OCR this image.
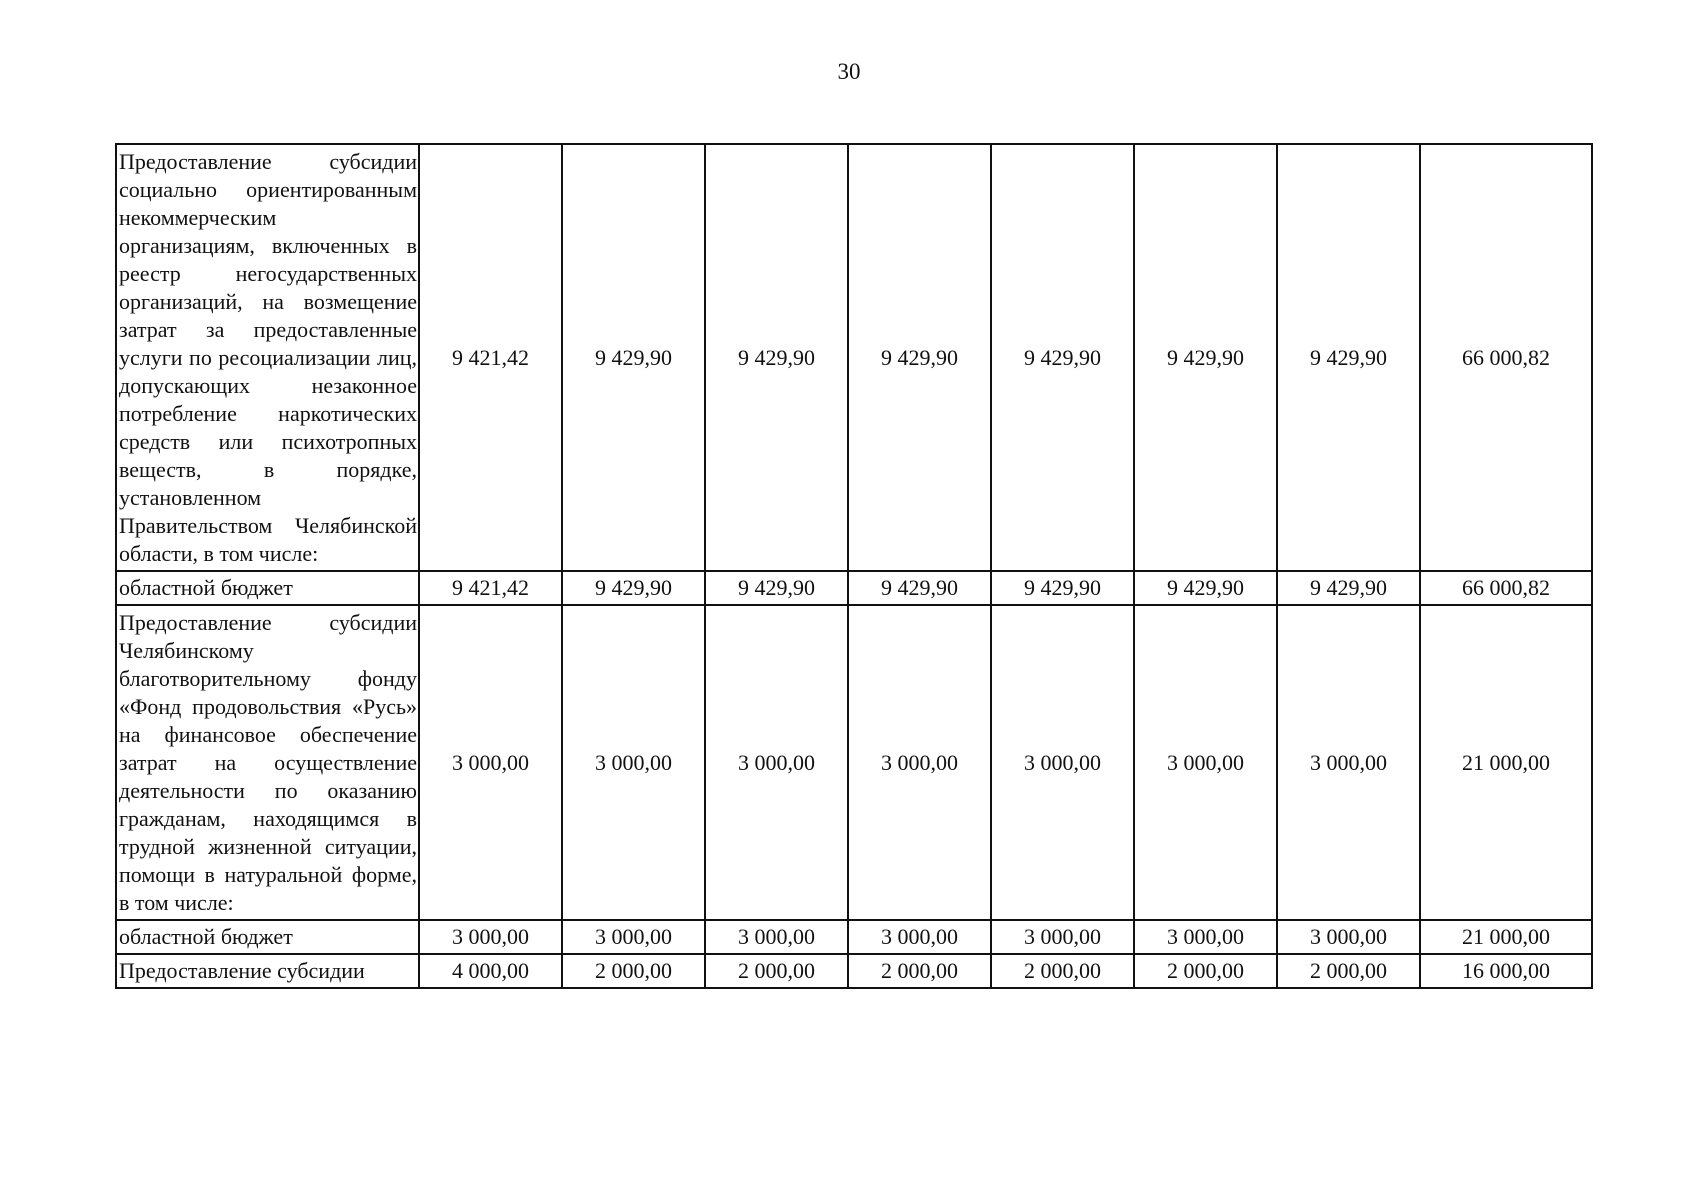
30
Предоставление субсидии социально ориентированным некоммерческим организациям, включенных в реестр негосударственных организаций, на возмещение затрат за предоставленные услуги по ресоциализации лиц, допускающих незаконное потребление наркотических средств или психотропных веществ, в порядке, установленном Правительством Челябинской области, в том числе:	9 421,42	9 429,90	9 429,90	9 429,90	9 429,90	9 429,90	9 429,90	66 000,82
областной бюджет	9 421,42	9 429,90	9 429,90	9 429,90	9 429,90	9 429,90	9 429,90	66 000,82
Предоставление субсидии Челябинскому благотворительному фонду «Фонд продовольствия «Русь» на финансовое обеспечение затрат на осуществление деятельности по оказанию гражданам, находящимся в трудной жизненной ситуации, помощи в натуральной форме, в том числе:	3 000,00	3 000,00	3 000,00	3 000,00	3 000,00	3 000,00	3 000,00	21 000,00
областной бюджет	3 000,00	3 000,00	3 000,00	3 000,00	3 000,00	3 000,00	3 000,00	21 000,00
Предоставление субсидии	4 000,00	2 000,00	2 000,00	2 000,00	2 000,00	2 000,00	2 000,00	16 000,00
